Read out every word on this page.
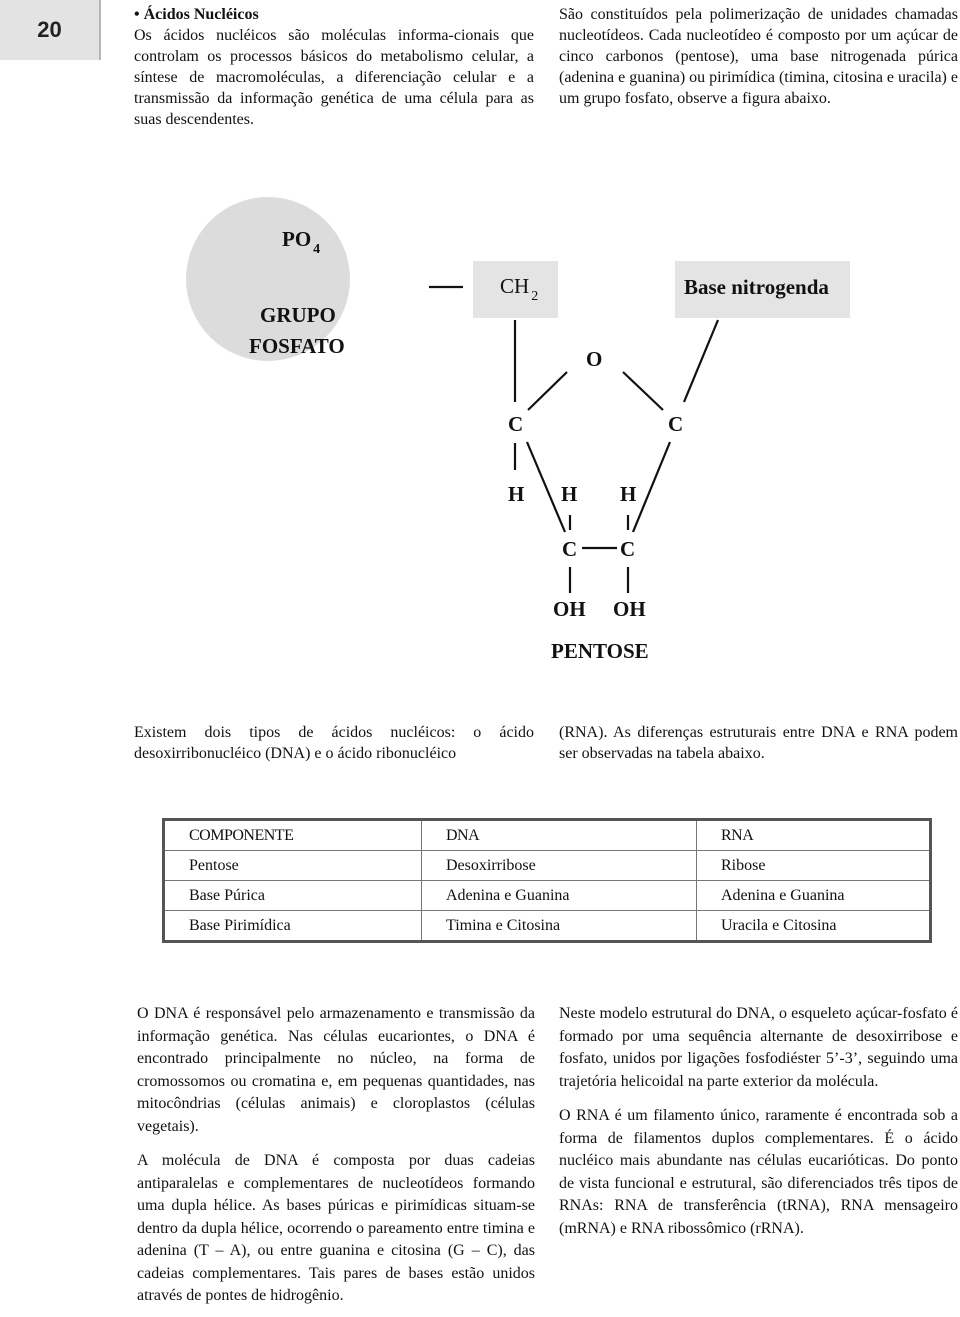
20

• Ácidos Nucléicos

Os ácidos nucléicos são moléculas informa-cionais que controlam os processos básicos do metabolismo celular, a síntese de macromoléculas, a diferenciação celular e a transmissão da informação genética de uma célula para as suas descendentes.

São constituídos pela polimerização de unidades chamadas nucleotídeos. Cada nucleotídeo é composto por um açúcar de cinco carbonos (pentose), uma base nitrogenada púrica (adenina e guanina) ou pirimídica (timina, citosina e uracila) e um grupo fosfato, observe a figura abaixo.

PO $_4$
GRUPO
FOSFATO
CH $_2$	Base nitrogenda
O
C	C
H H H
C C
OH OH
PENTOSE

Existem dois tipos de ácidos nucléicos: o ácido desoxirribonucléico (DNA) e o ácido ribonucléico

(RNA). As diferenças estruturais entre DNA e RNA podem ser observadas na tabela abaixo.

COMPONENTE	DNA	RNA
Pentose	Desoxirribose	Ribose
Base Púrica	Adenina e Guanina	Adenina e Guanina
Base Pirimídica	Timina e Citosina	Uracila e Citosina

O DNA é responsável pelo armazenamento e transmissão da informação genética. Nas células eucariontes, o DNA é encontrado principalmente no núcleo, na forma de cromossomos ou cromatina e, em pequenas quantidades, nas mitocôndrias (células animais) e cloroplastos (células vegetais).

A molécula de DNA é composta por duas cadeias antiparalelas e complementares de nucleotídeos formando uma dupla hélice. As bases púricas e pirimídicas situam-se dentro da dupla hélice, ocorrendo o pareamento entre timina e adenina (T – A), ou entre guanina e citosina (G – C), das cadeias complementares. Tais pares de bases estão unidos através de pontes de hidrogênio.

Neste modelo estrutural do DNA, o esqueleto açúcar-fosfato é formado por uma sequência alternante de desoxirribose e fosfato, unidos por ligações fosfodiéster 5’-3’, seguindo uma trajetória helicoidal na parte exterior da molécula.

O RNA é um filamento único, raramente é encontrada sob a forma de filamentos duplos complementares. É o ácido nucléico mais abundante nas células eucarióticas. Do ponto de vista funcional e estrutural, são diferenciados três tipos de RNAs: RNA de transferência (tRNA), RNA mensageiro (mRNA) e RNA ribossômico (rRNA).
